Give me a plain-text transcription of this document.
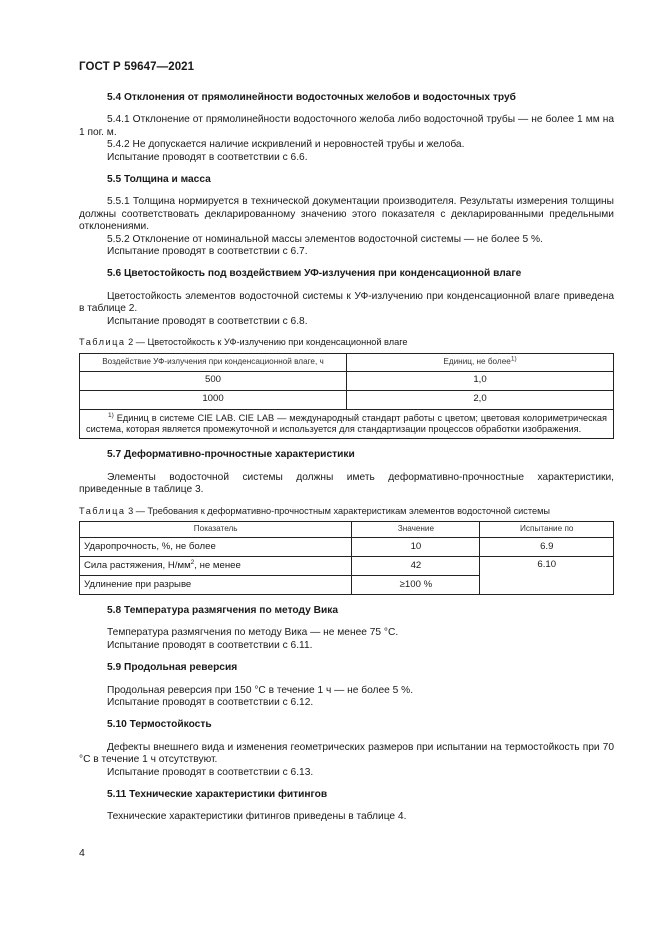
ГОСТ Р 59647—2021
5.4 Отклонения от прямолинейности водосточных желобов и водосточных труб

5.4.1 Отклонение от прямолинейности водосточного желоба либо водосточной трубы — не более 1 мм на 1 пог. м.

5.4.2 Не допускается наличие искривлений и неровностей трубы и желоба.

Испытание проводят в соответствии с 6.6.

5.5 Толщина и масса

5.5.1 Толщина нормируется в технической документации производителя. Результаты измерения толщины должны соответствовать декларированному значению этого показателя с декларированными предельными отклонениями.

5.5.2 Отклонение от номинальной массы элементов водосточной системы — не более 5 %.

Испытание проводят в соответствии с 6.7.

5.6 Цветостойкость под воздействием УФ-излучения при конденсационной влаге

Цветостойкость элементов водосточной системы к УФ-излучению при конденсационной влаге приведена в таблице 2.

Испытание проводят в соответствии с 6.8.

Таблица 2 — Цветостойкость к УФ-излучению при конденсационной влаге
Воздействие УФ-излучения при конденсационной влаге, ч	Единиц, не более$^{1)}$
500	1,0
1000	2,0
$^{1)}$ Единиц в системе CIE LAB. CIE LAB — международный стандарт работы с цветом; цветовая колориметрическая система, которая является промежуточной и используется для стандартизации процессов обработки изображения.	
5.7 Деформативно-прочностные характеристики

Элементы водосточной системы должны иметь деформативно-прочностные характеристики, приведенные в таблице 3.

Таблица 3 — Требования к деформативно-прочностным характеристикам элементов водосточной системы
Показатель	Значение	Испытание по
Ударопрочность, %, не более	10	6.9
Сила растяжения, $Н/мм^2$, не менее	42	6.10
Удлинение при разрыве	≥100 %	
5.8 Температура размягчения по методу Вика

Температура размягчения по методу Вика — не менее 75 °С.

Испытание проводят в соответствии с 6.11.

5.9 Продольная реверсия

Продольная реверсия при 150 °С в течение 1 ч — не более 5 %.

Испытание проводят в соответствии с 6.12.

5.10 Термостойкость

Дефекты внешнего вида и изменения геометрических размеров при испытании на термостойкость при 70 °С в течение 1 ч отсутствуют.

Испытание проводят в соответствии с 6.13.

5.11 Технические характеристики фитингов

Технические характеристики фитингов приведены в таблице 4.

4
